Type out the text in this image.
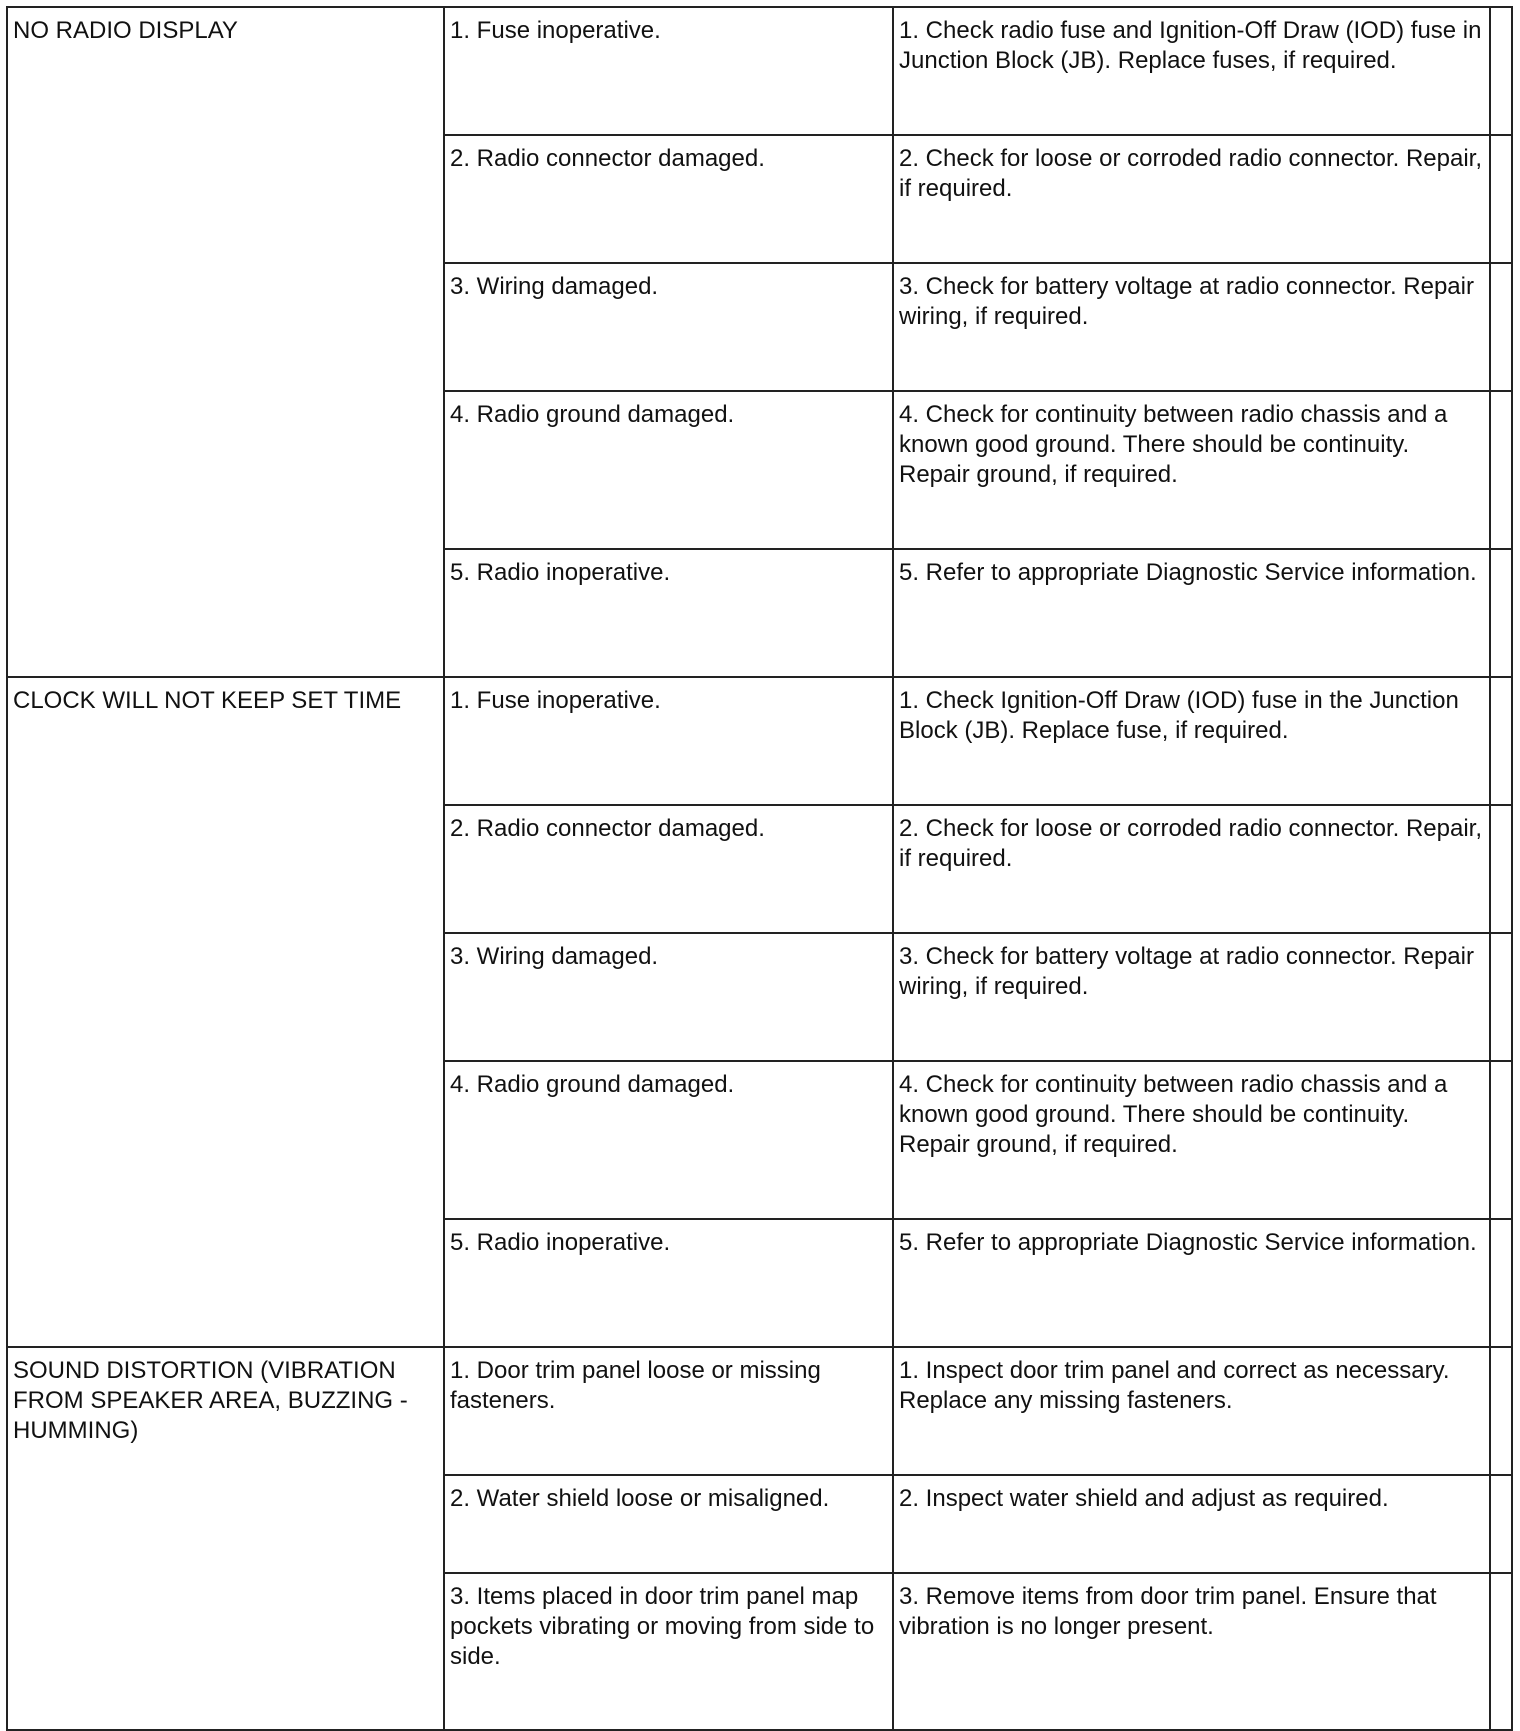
NO RADIO DISPLAY	1. Fuse inoperative.	1. Check radio fuse and Ignition-Off Draw (IOD) fuse in Junction Block (JB). Replace fuses, if required.	
	2. Radio connector damaged.	2. Check for loose or corroded radio connector. Repair, if required.	
	3. Wiring damaged.	3. Check for battery voltage at radio connector. Repair wiring, if required.	
	4. Radio ground damaged.	4. Check for continuity between radio chassis and a known good ground. There should be continuity. Repair ground, if required.	
	5. Radio inoperative.	5. Refer to appropriate Diagnostic Service information.	
CLOCK WILL NOT KEEP SET TIME	1. Fuse inoperative.	1. Check Ignition-Off Draw (IOD) fuse in the Junction Block (JB). Replace fuse, if required.	
	2. Radio connector damaged.	2. Check for loose or corroded radio connector. Repair, if required.	
	3. Wiring damaged.	3. Check for battery voltage at radio connector. Repair wiring, if required.	
	4. Radio ground damaged.	4. Check for continuity between radio chassis and a known good ground. There should be continuity. Repair ground, if required.	
	5. Radio inoperative.	5. Refer to appropriate Diagnostic Service information.	
SOUND DISTORTION (VIBRATION FROM SPEAKER AREA, BUZZING - HUMMING)	1. Door trim panel loose or missing fasteners.	1. Inspect door trim panel and correct as necessary. Replace any missing fasteners.	
	2. Water shield loose or misaligned.	2. Inspect water shield and adjust as required.	
	3. Items placed in door trim panel map pockets vibrating or moving from side to side.	3. Remove items from door trim panel. Ensure that vibration is no longer present.	
